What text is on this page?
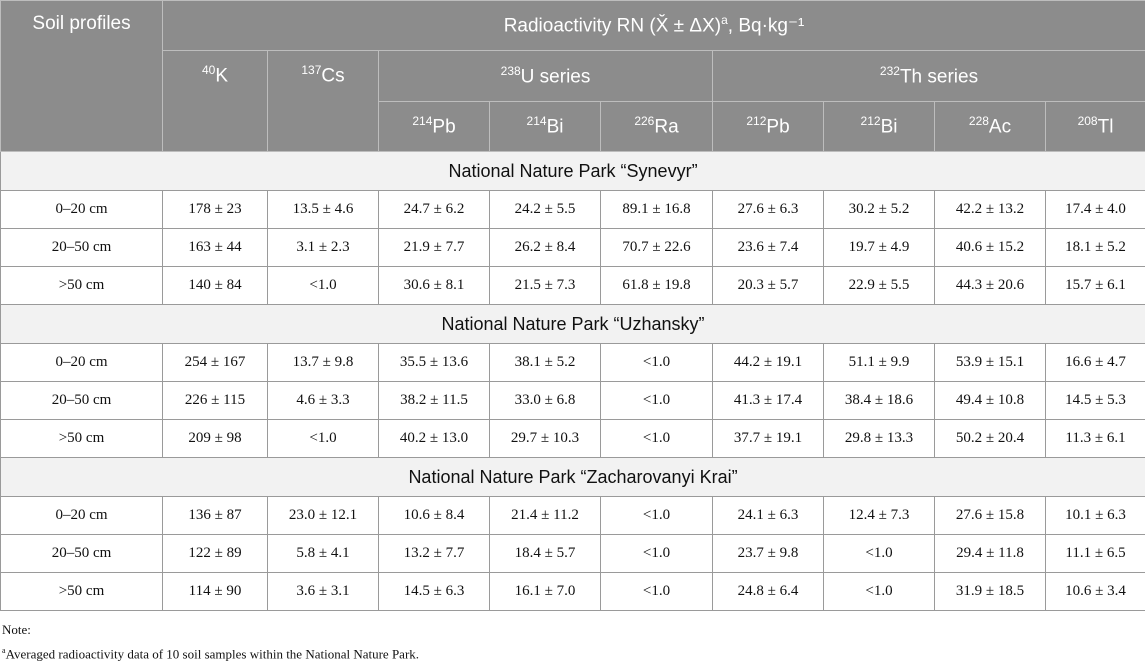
Soil profiles	Radioactivity RN (X̆ ± ΔX)$^a$, Bq·kg⁻¹								
	$^{40}$K	$^{137}$Cs	$^{238}$U series			$^{232}$Th series			
			$^{214}$Pb	$^{214}$Bi	$^{226}$Ra	$^{212}$Pb	$^{212}$Bi	$^{228}$Ac	$^{208}$Tl
National Nature Park “Synevyr”									
0–20 cm	178 ± 23	13.5 ± 4.6	24.7 ± 6.2	24.2 ± 5.5	89.1 ± 16.8	27.6 ± 6.3	30.2 ± 5.2	42.2 ± 13.2	17.4 ± 4.0
20–50 cm	163 ± 44	3.1 ± 2.3	21.9 ± 7.7	26.2 ± 8.4	70.7 ± 22.6	23.6 ± 7.4	19.7 ± 4.9	40.6 ± 15.2	18.1 ± 5.2
>50 cm	140 ± 84	<1.0	30.6 ± 8.1	21.5 ± 7.3	61.8 ± 19.8	20.3 ± 5.7	22.9 ± 5.5	44.3 ± 20.6	15.7 ± 6.1
National Nature Park “Uzhansky”									
0–20 cm	254 ± 167	13.7 ± 9.8	35.5 ± 13.6	38.1 ± 5.2	<1.0	44.2 ± 19.1	51.1 ± 9.9	53.9 ± 15.1	16.6 ± 4.7
20–50 cm	226 ± 115	4.6 ± 3.3	38.2 ± 11.5	33.0 ± 6.8	<1.0	41.3 ± 17.4	38.4 ± 18.6	49.4 ± 10.8	14.5 ± 5.3
>50 cm	209 ± 98	<1.0	40.2 ± 13.0	29.7 ± 10.3	<1.0	37.7 ± 19.1	29.8 ± 13.3	50.2 ± 20.4	11.3 ± 6.1
National Nature Park “Zacharovanyi Krai”									
0–20 cm	136 ± 87	23.0 ± 12.1	10.6 ± 8.4	21.4 ± 11.2	<1.0	24.1 ± 6.3	12.4 ± 7.3	27.6 ± 15.8	10.1 ± 6.3
20–50 cm	122 ± 89	5.8 ± 4.1	13.2 ± 7.7	18.4 ± 5.7	<1.0	23.7 ± 9.8	<1.0	29.4 ± 11.8	11.1 ± 6.5
>50 cm	114 ± 90	3.6 ± 3.1	14.5 ± 6.3	16.1 ± 7.0	<1.0	24.8 ± 6.4	<1.0	31.9 ± 18.5	10.6 ± 3.4
Note:
$^a$Averaged radioactivity data of 10 soil samples within the National Nature Park.
